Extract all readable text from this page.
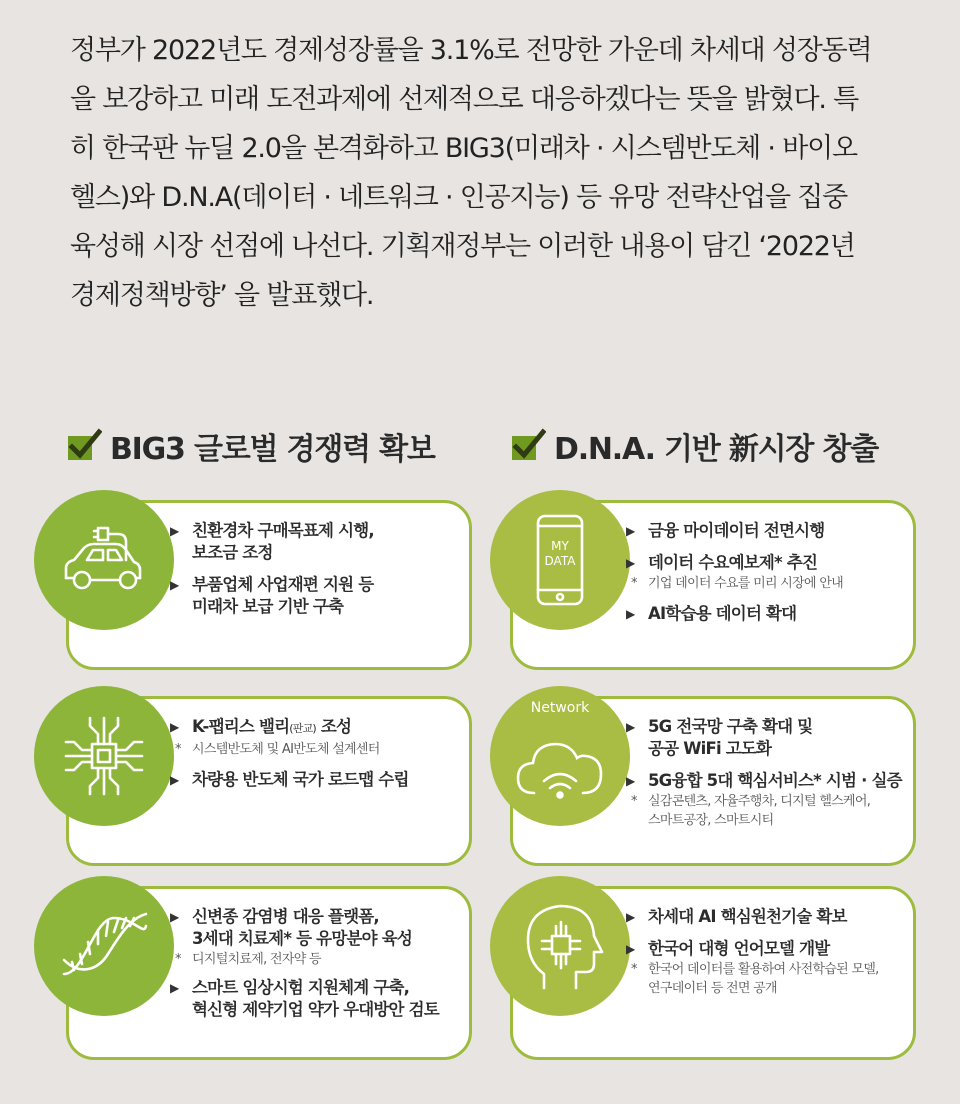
정부가 2022년도 경제성장률을 3.1%로 전망한 가운데 차세대 성장동력

을 보강하고 미래 도전과제에 선제적으로 대응하겠다는 뜻을 밝혔다. 특

히 한국판 뉴딜 2.0을 본격화하고 BIG3(미래차 · 시스템반도체 · 바이오

헬스)와 D.N.A(데이터 · 네트워크 · 인공지능) 등 유망 전략산업을 집중

육성해 시장 선점에 나선다. 기획재정부는 이러한 내용이 담긴 ‘2022년

경제정책방향’ 을 발표했다.

BIG3 글로벌 경쟁력 확보	D.N.A. 기반 新시장 창출
▶ 친환경차 구매목표제 시행,
보조금 조정
▶ 부품업체 사업재편 지원 등
미래차 보급 기반 구축
▶ K-팹리스 밸리(판교) 조성
* 시스템반도체 및 AI반도체 설계센터
▶ 차량용 반도체 국가 로드맵 수립
▶ 신변종 감염병 대응 플랫폼,
3세대 치료제* 등 유망분야 육성
* 디지털치료제, 전자약 등
▶ 스마트 임상시험 지원체계 구축,
혁신형 제약기업 약가 우대방안 검토
MY
DATA
▶ 금융 마이데이터 전면시행
▶ 데이터 수요예보제* 추진
* 기업 데이터 수요를 미리 시장에 안내
▶ AI학습용 데이터 확대
Network
▶ 5G 전국망 구축 확대 및
공공 WiFi 고도화
▶ 5G융합 5대 핵심서비스* 시범 · 실증
* 실감콘텐츠, 자율주행차, 디지털 헬스케어,
스마트공장, 스마트시티
▶ 차세대 AI 핵심원천기술 확보
▶ 한국어 대형 언어모델 개발
* 한국어 데이터를 활용하여 사전학습된 모델,
연구데이터 등 전면 공개
